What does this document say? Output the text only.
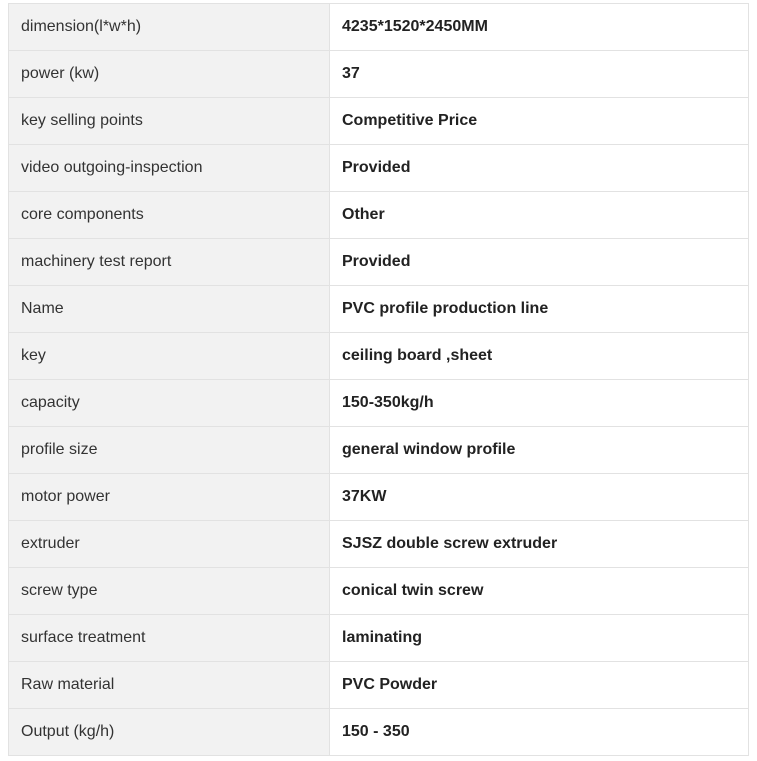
dimension(l*w*h)	4235*1520*2450MM
power (kw)	37
key selling points	Competitive Price
video outgoing-inspection	Provided
core components	Other
machinery test report	Provided
Name	PVC profile production line
key	ceiling board ,sheet
capacity	150-350kg/h
profile size	general window profile
motor power	37KW
extruder	SJSZ double screw extruder
screw type	conical twin screw
surface treatment	laminating
Raw material	PVC Powder
Output (kg/h)	150 - 350
